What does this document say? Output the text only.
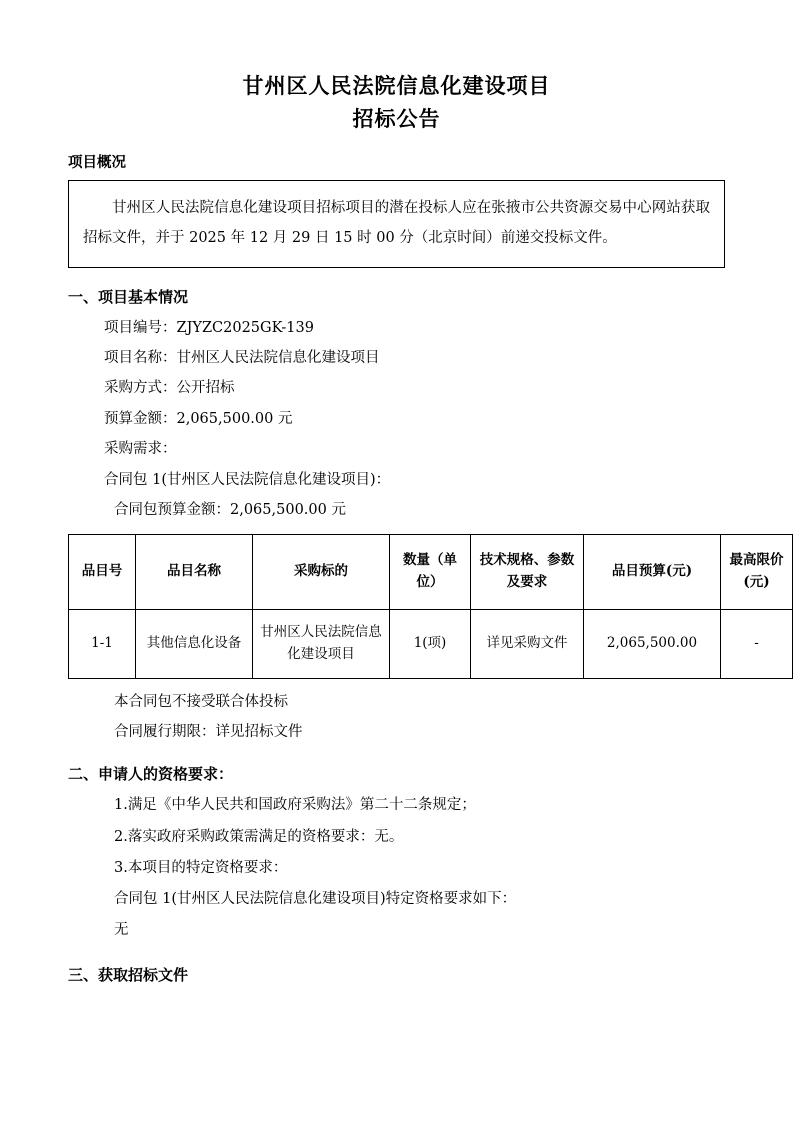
甘州区人民法院信息化建设项目
招标公告
项目概况

甘州区人民法院信息化建设项目招标项目的潜在投标人应在张掖市公共资源交易中心网站获取招标文件，并于 2025 年 12 月 29 日 15 时 00 分（北京时间）前递交投标文件。

一、项目基本情况
项目编号：ZJYZC2025GK-139
项目名称：甘州区人民法院信息化建设项目
采购方式：公开招标
预算金额：2,065,500.00 元
采购需求：
合同包 1(甘州区人民法院信息化建设项目)：
合同包预算金额：2,065,500.00 元
品目号	品目名称	采购标的	数量（单位）	技术规格、参数及要求	品目预算(元)	最高限价(元)
1-1	其他信息化设备	甘州区人民法院信息化建设项目	1(项)	详见采购文件	2,065,500.00	-
本合同包不接受联合体投标
合同履行期限：详见招标文件
二、申请人的资格要求：
1.满足《中华人民共和国政府采购法》第二十二条规定；
2.落实政府采购政策需满足的资格要求：无。
3.本项目的特定资格要求：
合同包 1(甘州区人民法院信息化建设项目)特定资格要求如下：
无
三、获取招标文件
